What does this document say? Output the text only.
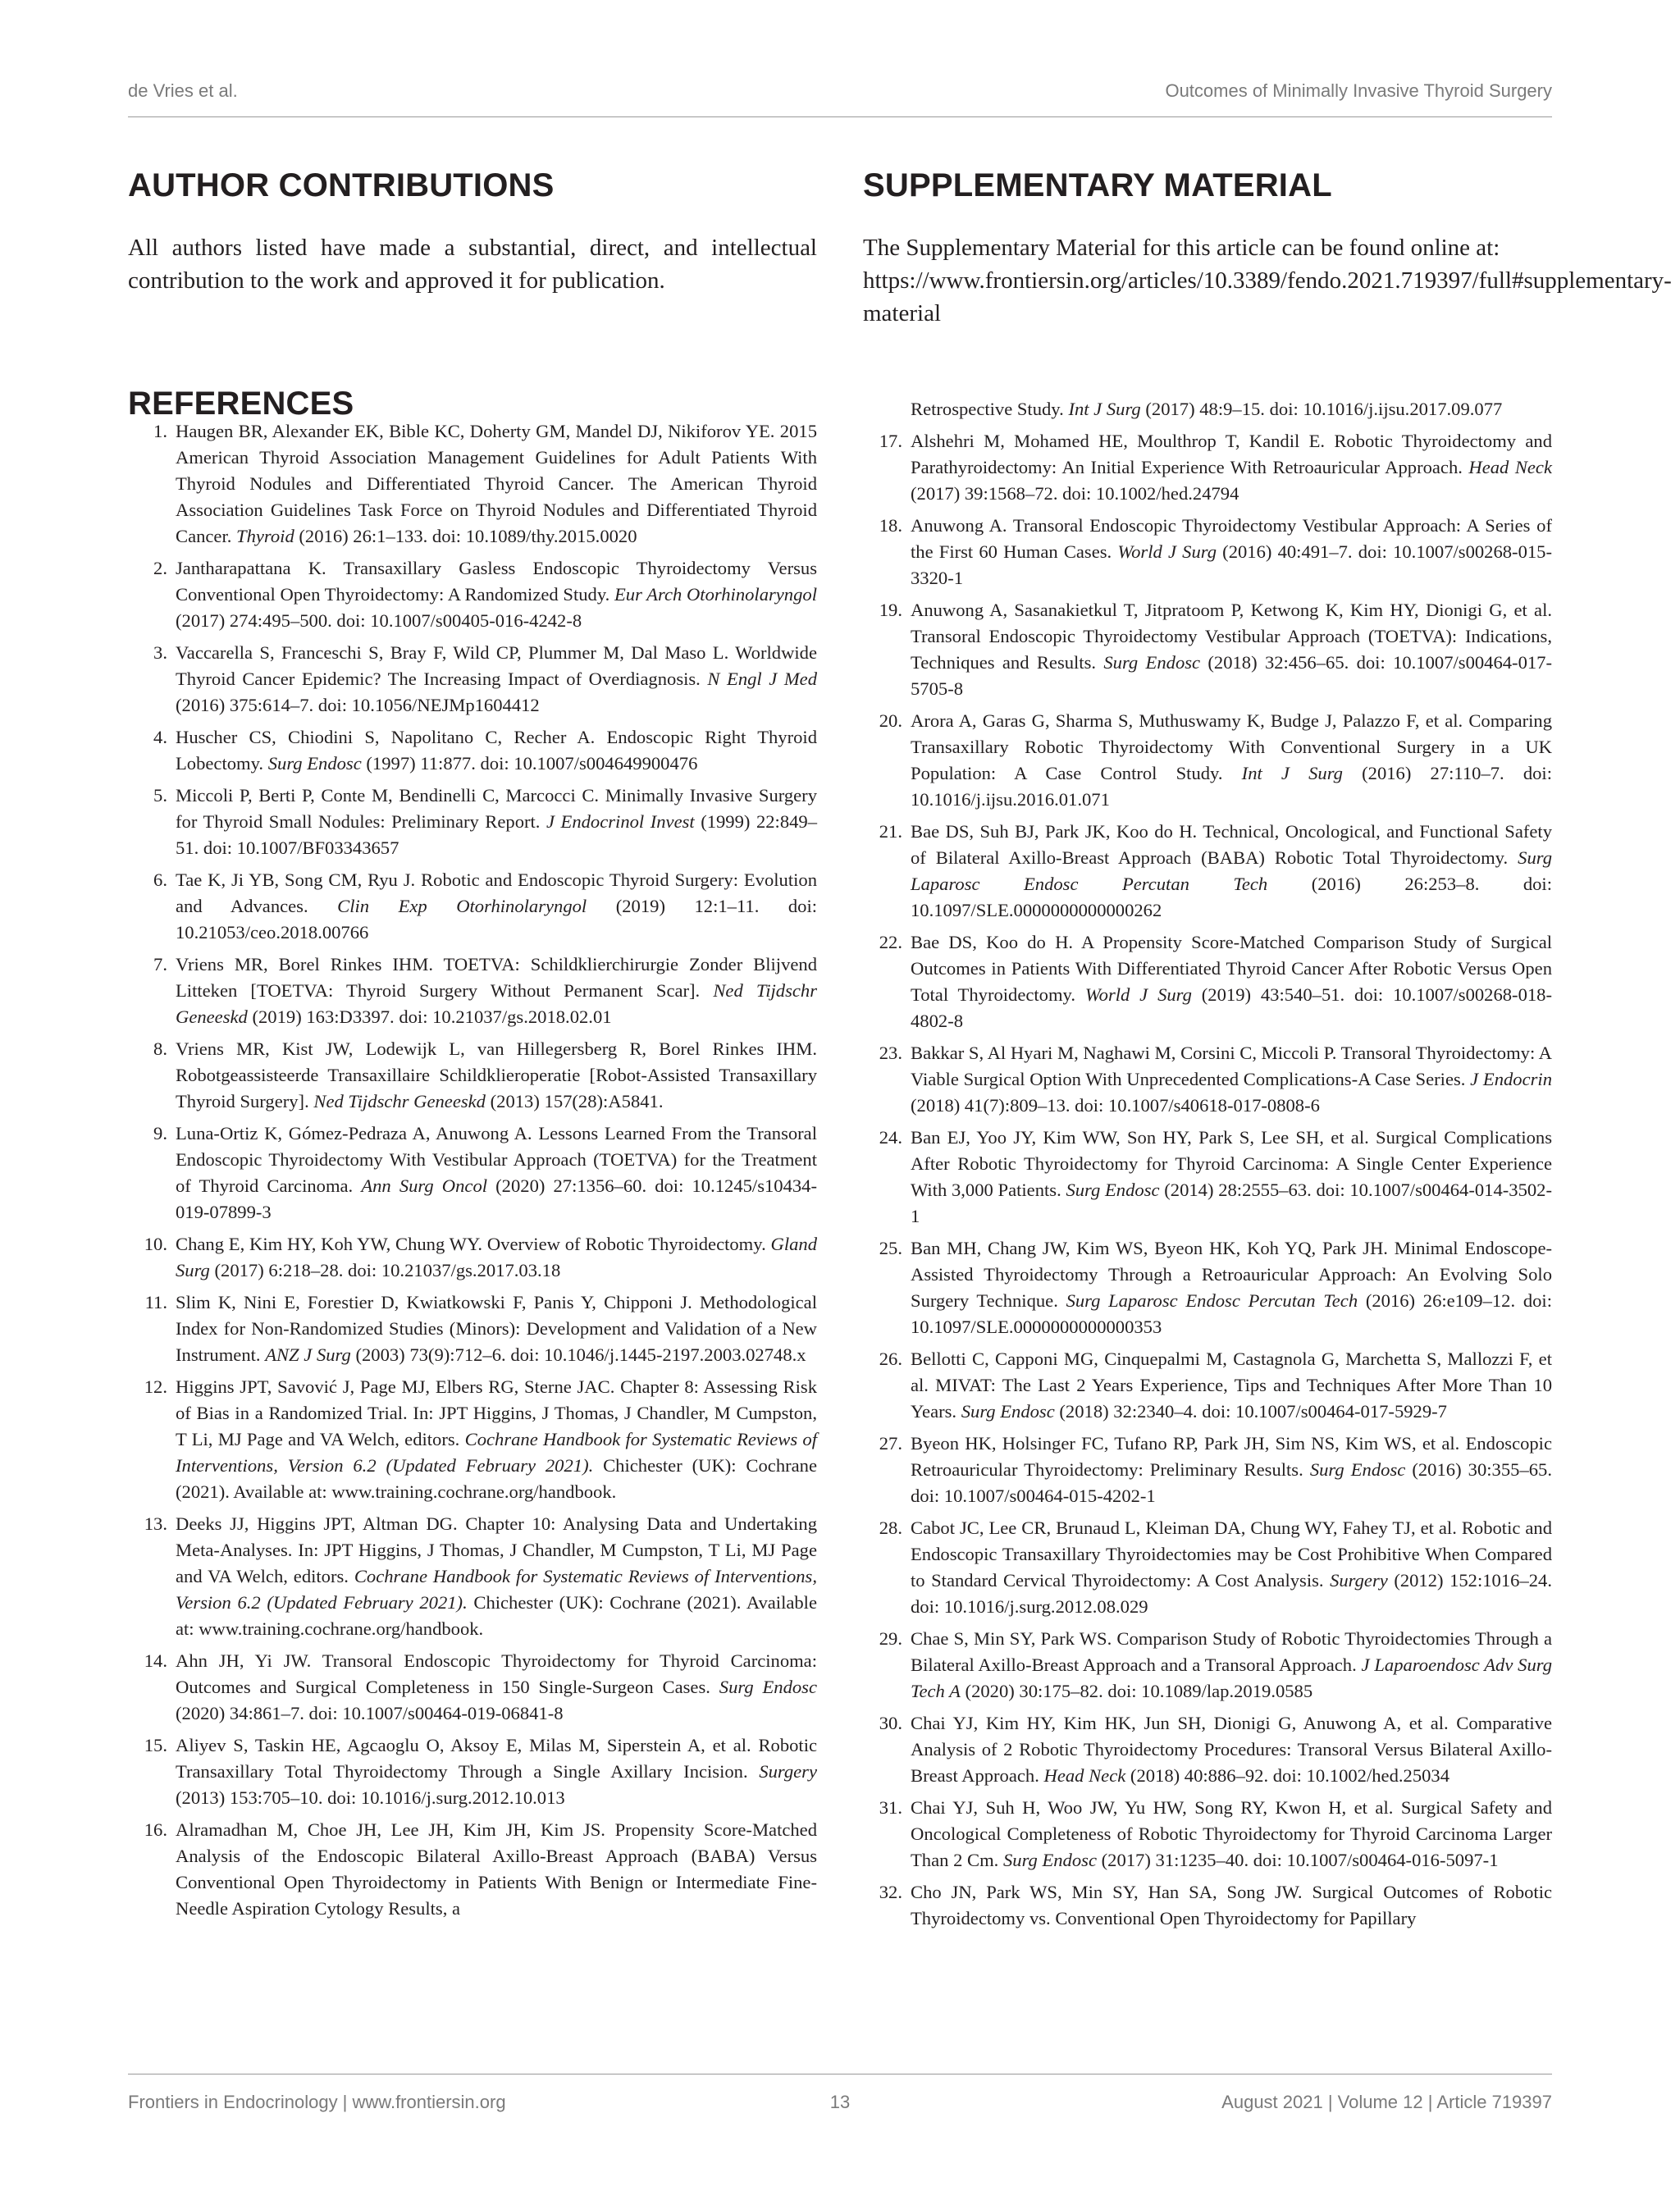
de Vries et al.	Outcomes of Minimally Invasive Thyroid Surgery
AUTHOR CONTRIBUTIONS

All authors listed have made a substantial, direct, and intellectual contribution to the work and approved it for publication.

SUPPLEMENTARY MATERIAL

The Supplementary Material for this article can be found online at: https://www.frontiersin.org/articles/10.3389/fendo.2021.719397/full#supplementary-material

REFERENCES
1. Haugen BR, Alexander EK, Bible KC, Doherty GM, Mandel DJ, Nikiforov YE. 2015 American Thyroid Association Management Guidelines for Adult Patients With Thyroid Nodules and Differentiated Thyroid Cancer. The American Thyroid Association Guidelines Task Force on Thyroid Nodules and Differentiated Thyroid Cancer. Thyroid (2016) 26:1–133. doi: 10.1089/thy.2015.0020
2. Jantharapattana K. Transaxillary Gasless Endoscopic Thyroidectomy Versus Conventional Open Thyroidectomy: A Randomized Study. Eur Arch Otorhinolaryngol (2017) 274:495–500. doi: 10.1007/s00405-016-4242-8
3. Vaccarella S, Franceschi S, Bray F, Wild CP, Plummer M, Dal Maso L. Worldwide Thyroid Cancer Epidemic? The Increasing Impact of Overdiagnosis. N Engl J Med (2016) 375:614–7. doi: 10.1056/NEJMp1604412
4. Huscher CS, Chiodini S, Napolitano C, Recher A. Endoscopic Right Thyroid Lobectomy. Surg Endosc (1997) 11:877. doi: 10.1007/s004649900476
5. Miccoli P, Berti P, Conte M, Bendinelli C, Marcocci C. Minimally Invasive Surgery for Thyroid Small Nodules: Preliminary Report. J Endocrinol Invest (1999) 22:849–51. doi: 10.1007/BF03343657
6. Tae K, Ji YB, Song CM, Ryu J. Robotic and Endoscopic Thyroid Surgery: Evolution and Advances. Clin Exp Otorhinolaryngol (2019) 12:1–11. doi: 10.21053/ceo.2018.00766
7. Vriens MR, Borel Rinkes IHM. TOETVA: Schildklierchirurgie Zonder Blijvend Litteken [TOETVA: Thyroid Surgery Without Permanent Scar]. Ned Tijdschr Geneeskd (2019) 163:D3397. doi: 10.21037/gs.2018.02.01
8. Vriens MR, Kist JW, Lodewijk L, van Hillegersberg R, Borel Rinkes IHM. Robotgeassisteerde Transaxillaire Schildklieroperatie [Robot-Assisted Transaxillary Thyroid Surgery]. Ned Tijdschr Geneeskd (2013) 157(28):A5841.
9. Luna-Ortiz K, Gómez-Pedraza A, Anuwong A. Lessons Learned From the Transoral Endoscopic Thyroidectomy With Vestibular Approach (TOETVA) for the Treatment of Thyroid Carcinoma. Ann Surg Oncol (2020) 27:1356–60. doi: 10.1245/s10434-019-07899-3
10. Chang E, Kim HY, Koh YW, Chung WY. Overview of Robotic Thyroidectomy. Gland Surg (2017) 6:218–28. doi: 10.21037/gs.2017.03.18
11. Slim K, Nini E, Forestier D, Kwiatkowski F, Panis Y, Chipponi J. Methodological Index for Non-Randomized Studies (Minors): Development and Validation of a New Instrument. ANZ J Surg (2003) 73(9):712–6. doi: 10.1046/j.1445-2197.2003.02748.x
12. Higgins JPT, Savović J, Page MJ, Elbers RG, Sterne JAC. Chapter 8: Assessing Risk of Bias in a Randomized Trial. In: JPT Higgins, J Thomas, J Chandler, M Cumpston, T Li, MJ Page and VA Welch, editors. Cochrane Handbook for Systematic Reviews of Interventions, Version 6.2 (Updated February 2021). Chichester (UK): Cochrane (2021). Available at: www.training.cochrane.org/handbook.
13. Deeks JJ, Higgins JPT, Altman DG. Chapter 10: Analysing Data and Undertaking Meta-Analyses. In: JPT Higgins, J Thomas, J Chandler, M Cumpston, T Li, MJ Page and VA Welch, editors. Cochrane Handbook for Systematic Reviews of Interventions, Version 6.2 (Updated February 2021). Chichester (UK): Cochrane (2021). Available at: www.training.cochrane.org/handbook.
14. Ahn JH, Yi JW. Transoral Endoscopic Thyroidectomy for Thyroid Carcinoma: Outcomes and Surgical Completeness in 150 Single-Surgeon Cases. Surg Endosc (2020) 34:861–7. doi: 10.1007/s00464-019-06841-8
15. Aliyev S, Taskin HE, Agcaoglu O, Aksoy E, Milas M, Siperstein A, et al. Robotic Transaxillary Total Thyroidectomy Through a Single Axillary Incision. Surgery (2013) 153:705–10. doi: 10.1016/j.surg.2012.10.013
16. Alramadhan M, Choe JH, Lee JH, Kim JH, Kim JS. Propensity Score-Matched Analysis of the Endoscopic Bilateral Axillo-Breast Approach (BABA) Versus Conventional Open Thyroidectomy in Patients With Benign or Intermediate Fine-Needle Aspiration Cytology Results, a
Retrospective Study. Int J Surg (2017) 48:9–15. doi: 10.1016/j.ijsu.2017.09.077
17. Alshehri M, Mohamed HE, Moulthrop T, Kandil E. Robotic Thyroidectomy and Parathyroidectomy: An Initial Experience With Retroauricular Approach. Head Neck (2017) 39:1568–72. doi: 10.1002/hed.24794
18. Anuwong A. Transoral Endoscopic Thyroidectomy Vestibular Approach: A Series of the First 60 Human Cases. World J Surg (2016) 40:491–7. doi: 10.1007/s00268-015-3320-1
19. Anuwong A, Sasanakietkul T, Jitpratoom P, Ketwong K, Kim HY, Dionigi G, et al. Transoral Endoscopic Thyroidectomy Vestibular Approach (TOETVA): Indications, Techniques and Results. Surg Endosc (2018) 32:456–65. doi: 10.1007/s00464-017-5705-8
20. Arora A, Garas G, Sharma S, Muthuswamy K, Budge J, Palazzo F, et al. Comparing Transaxillary Robotic Thyroidectomy With Conventional Surgery in a UK Population: A Case Control Study. Int J Surg (2016) 27:110–7. doi: 10.1016/j.ijsu.2016.01.071
21. Bae DS, Suh BJ, Park JK, Koo do H. Technical, Oncological, and Functional Safety of Bilateral Axillo-Breast Approach (BABA) Robotic Total Thyroidectomy. Surg Laparosc Endosc Percutan Tech (2016) 26:253–8. doi: 10.1097/SLE.0000000000000262
22. Bae DS, Koo do H. A Propensity Score-Matched Comparison Study of Surgical Outcomes in Patients With Differentiated Thyroid Cancer After Robotic Versus Open Total Thyroidectomy. World J Surg (2019) 43:540–51. doi: 10.1007/s00268-018-4802-8
23. Bakkar S, Al Hyari M, Naghawi M, Corsini C, Miccoli P. Transoral Thyroidectomy: A Viable Surgical Option With Unprecedented Complications-A Case Series. J Endocrin (2018) 41(7):809–13. doi: 10.1007/s40618-017-0808-6
24. Ban EJ, Yoo JY, Kim WW, Son HY, Park S, Lee SH, et al. Surgical Complications After Robotic Thyroidectomy for Thyroid Carcinoma: A Single Center Experience With 3,000 Patients. Surg Endosc (2014) 28:2555–63. doi: 10.1007/s00464-014-3502-1
25. Ban MH, Chang JW, Kim WS, Byeon HK, Koh YQ, Park JH. Minimal Endoscope-Assisted Thyroidectomy Through a Retroauricular Approach: An Evolving Solo Surgery Technique. Surg Laparosc Endosc Percutan Tech (2016) 26:e109–12. doi: 10.1097/SLE.0000000000000353
26. Bellotti C, Capponi MG, Cinquepalmi M, Castagnola G, Marchetta S, Mallozzi F, et al. MIVAT: The Last 2 Years Experience, Tips and Techniques After More Than 10 Years. Surg Endosc (2018) 32:2340–4. doi: 10.1007/s00464-017-5929-7
27. Byeon HK, Holsinger FC, Tufano RP, Park JH, Sim NS, Kim WS, et al. Endoscopic Retroauricular Thyroidectomy: Preliminary Results. Surg Endosc (2016) 30:355–65. doi: 10.1007/s00464-015-4202-1
28. Cabot JC, Lee CR, Brunaud L, Kleiman DA, Chung WY, Fahey TJ, et al. Robotic and Endoscopic Transaxillary Thyroidectomies may be Cost Prohibitive When Compared to Standard Cervical Thyroidectomy: A Cost Analysis. Surgery (2012) 152:1016–24. doi: 10.1016/j.surg.2012.08.029
29. Chae S, Min SY, Park WS. Comparison Study of Robotic Thyroidectomies Through a Bilateral Axillo-Breast Approach and a Transoral Approach. J Laparoendosc Adv Surg Tech A (2020) 30:175–82. doi: 10.1089/lap.2019.0585
30. Chai YJ, Kim HY, Kim HK, Jun SH, Dionigi G, Anuwong A, et al. Comparative Analysis of 2 Robotic Thyroidectomy Procedures: Transoral Versus Bilateral Axillo-Breast Approach. Head Neck (2018) 40:886–92. doi: 10.1002/hed.25034
31. Chai YJ, Suh H, Woo JW, Yu HW, Song RY, Kwon H, et al. Surgical Safety and Oncological Completeness of Robotic Thyroidectomy for Thyroid Carcinoma Larger Than 2 Cm. Surg Endosc (2017) 31:1235–40. doi: 10.1007/s00464-016-5097-1
32. Cho JN, Park WS, Min SY, Han SA, Song JW. Surgical Outcomes of Robotic Thyroidectomy vs. Conventional Open Thyroidectomy for Papillary
Frontiers in Endocrinology | www.frontiersin.org	13	August 2021 | Volume 12 | Article 719397
